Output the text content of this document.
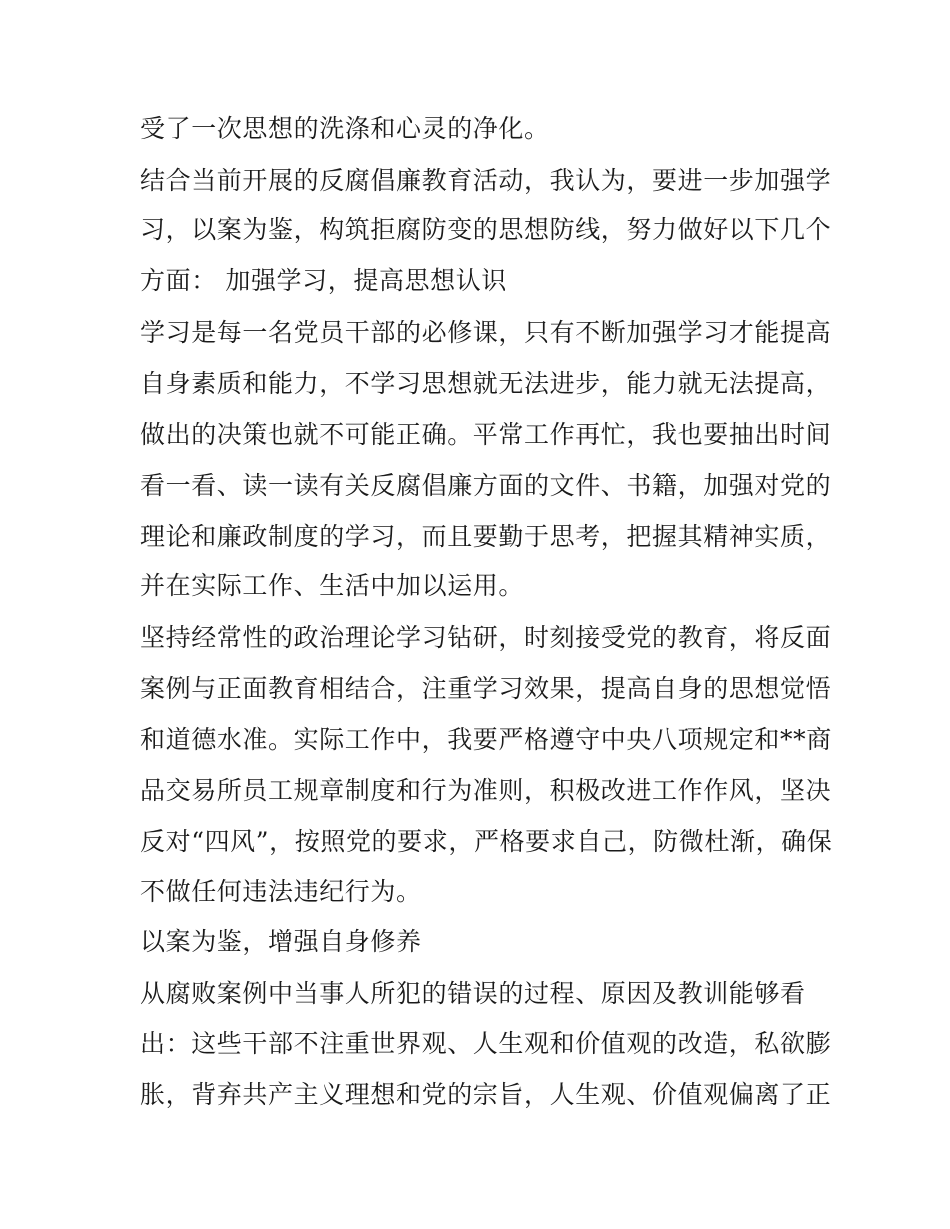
受了一次思想的洗涤和心灵的净化。

结合当前开展的反腐倡廉教育活动，我认为，要进一步加强学

习，以案为鉴，构筑拒腐防变的思想防线，努力做好以下几个

方面： 加强学习，提高思想认识

学习是每一名党员干部的必修课，只有不断加强学习才能提高

自身素质和能力，不学习思想就无法进步，能力就无法提高，

做出的决策也就不可能正确。平常工作再忙，我也要抽出时间

看一看、读一读有关反腐倡廉方面的文件、书籍，加强对党的

理论和廉政制度的学习，而且要勤于思考，把握其精神实质，

并在实际工作、生活中加以运用。

坚持经常性的政治理论学习钻研，时刻接受党的教育，将反面

案例与正面教育相结合，注重学习效果，提高自身的思想觉悟

和道德水准。实际工作中，我要严格遵守中央八项规定和**商

品交易所员工规章制度和行为准则，积极改进工作作风，坚决

反对“四风”，按照党的要求，严格要求自己，防微杜渐，确保

不做任何违法违纪行为。

以案为鉴，增强自身修养

从腐败案例中当事人所犯的错误的过程、原因及教训能够看

出：这些干部不注重世界观、人生观和价值观的改造，私欲膨

胀，背弃共产主义理想和党的宗旨，人生观、价值观偏离了正
